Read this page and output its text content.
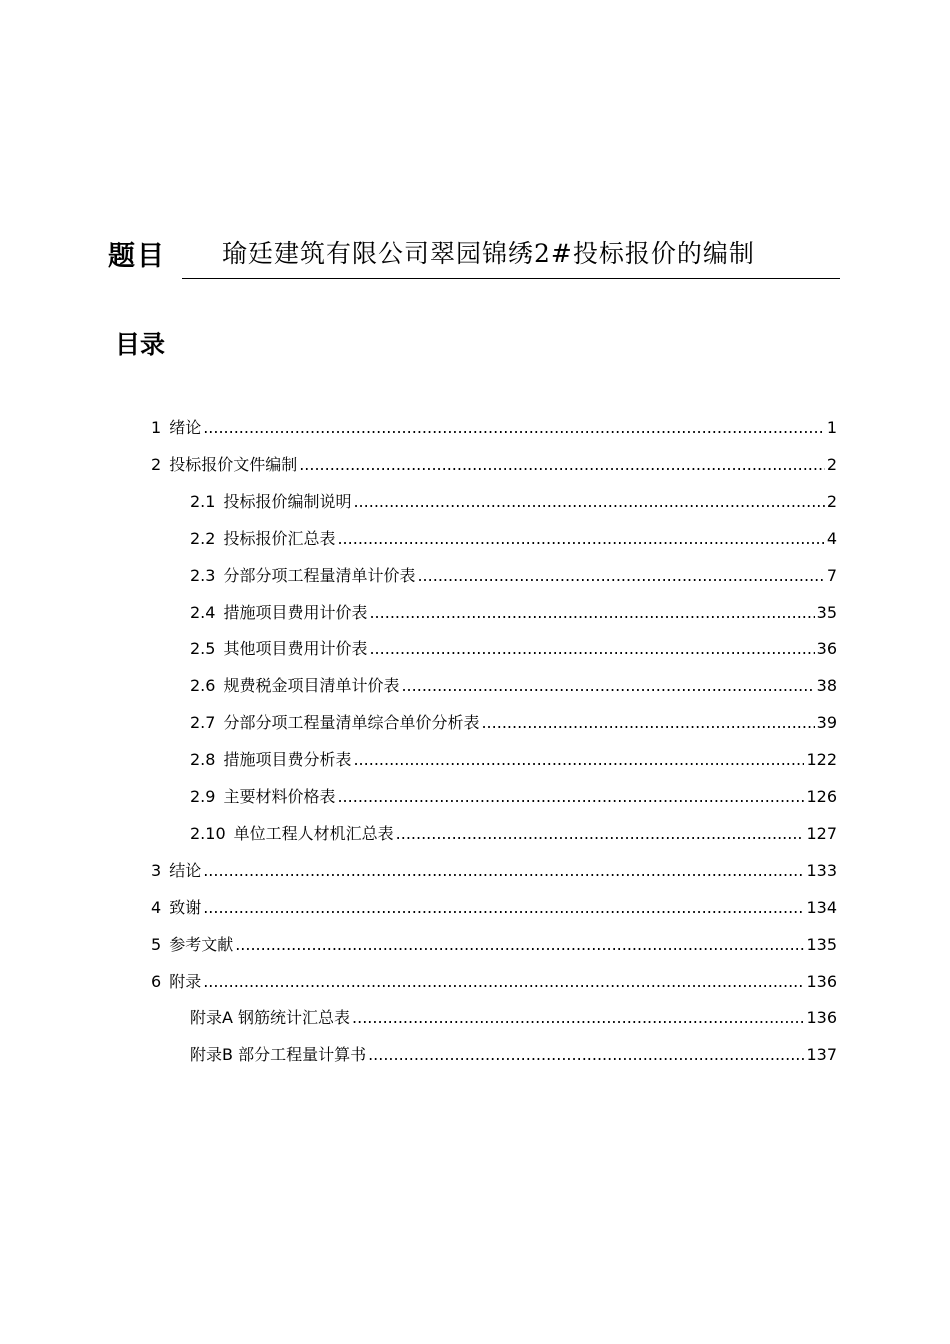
题目 瑜廷建筑有限公司翠园锦绣2#投标报价的编制
目录
1 绪论 .....	1
2 投标报价文件编制 .....	2
2.1 投标报价编制说明 .....	2
2.2 投标报价汇总表 .....	4
2.3 分部分项工程量清单计价表 .....	7
2.4 措施项目费用计价表 .....	35
2.5 其他项目费用计价表 .....	36
2.6 规费税金项目清单计价表 .....	38
2.7 分部分项工程量清单综合单价分析表 .....	39
2.8 措施项目费分析表 .....	122
2.9 主要材料价格表 .....	126
2.10 单位工程人材机汇总表 .....	127
3 结论 .....	133
4 致谢 .....	134
5 参考文献 .....	135
6 附录 .....	136
附录A 钢筋统计汇总表 .....	136
附录B 部分工程量计算书 .....	137
